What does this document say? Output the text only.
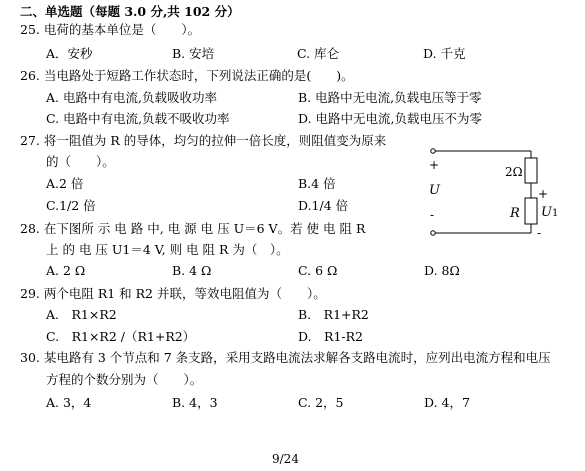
二、单选题（每题 3.0 分,共 102 分）
25. 电荷的基本单位是（　　）。
A．安秒	B. 安培	C. 库仑	D. 千克
26. 当电路处于短路工作状态时，下列说法正确的是(　　)。
A. 电路中有电流,负载吸收功率	B. 电路中无电流,负载电压等于零
C. 电路中有电流,负载不吸收功率	D. 电路中无电流,负载电压不为零
27. 将一阻值为 R 的导体，均匀的拉伸一倍长度，则阻值变为原来
的（　　）。
A.2 倍	B.4 倍
C.1/2 倍	D.1/4 倍
28. 在下图所 示 电 路 中, 电 源 电 压 U＝6 V。若 使 电 阻 R
上 的 电 压 U1＝4 V, 则 电 阻 R 为（　）。
A. 2 Ω	B. 4 Ω	C. 6 Ω	D. 8Ω
29. 两个电阻 R1 和 R2 并联，等效电阻值为（　　）。
A.　R1×R2	B.　R1+R2
C.　R1×R2 /（R1+R2）	D.　R1-R2
30. 某电路有 3 个节点和 7 条支路，采用支路电流法求解各支路电流时，应列出电流方程和电压
方程的个数分别为（　　）。
A. 3，4	B. 4，3	C. 2，5	D. 4，7
+
U
-
2Ω
R
+
U1
-
9/24
